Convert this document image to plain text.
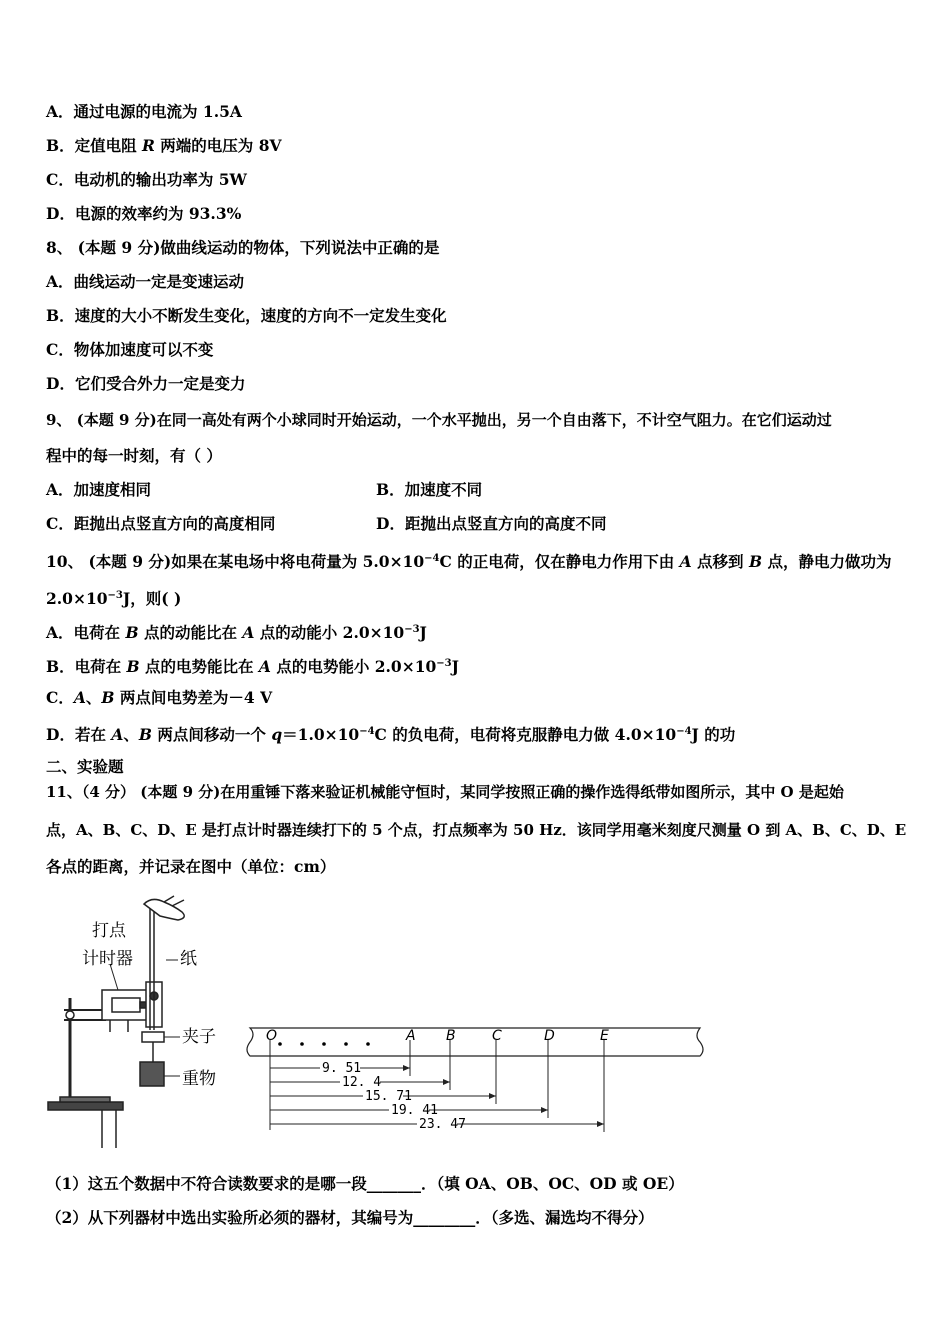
A．通过电源的电流为 1.5A
B．定值电阻 R 两端的电压为 8V
C．电动机的输出功率为 5W
D．电源的效率约为 93.3%
8、 (本题 9 分)做曲线运动的物体，下列说法中正确的是
A．曲线运动一定是变速运动
B．速度的大小不断发生变化，速度的方向不一定发生变化
C．物体加速度可以不变
D．它们受合外力一定是变力
9、 (本题 9 分)在同一高处有两个小球同时开始运动，一个水平抛出，另一个自由落下，不计空气阻力。在它们运动过
程中的每一时刻，有（ ）
A．加速度相同	B．加速度不同
C．距抛出点竖直方向的高度相同	D．距抛出点竖直方向的高度不同
10、 (本题 9 分)如果在某电场中将电荷量为 $5.0\times 10^{-4}C$ 的正电荷，仅在静电力作用下由 A 点移到 B 点，静电力做功为
$2.0\times 10^{-3}J$，则( )
A．电荷在 B 点的动能比在 A 点的动能小 $2.0\times 10^{-3}J$
B．电荷在 B 点的电势能比在 A 点的电势能小 $2.0\times 10^{-3}J$
C．A、B 两点间电势差为－4 V
D．若在 A、B 两点间移动一个 $q=1.0\times 10^{-4}C$ 的负电荷，电荷将克服静电力做 $4.0\times 10^{-4}J$ 的功
二、实验题
11、（4 分） (本题 9 分)在用重锤下落来验证机械能守恒时，某同学按照正确的操作选得纸带如图所示，其中 O 是起始
点，A、B、C、D、E 是打点计时器连续打下的 5 个点，打点频率为 50 Hz．该同学用毫米刻度尺测量 O 到 A、B、C、D、E
各点的距离，并记录在图中（单位：cm）
打点
计时器	纸
夹子
重物
O	A B	C	D	E
9. 51
12. 4
15. 71
19. 41
23. 47
（1）这五个数据中不符合读数要求的是哪一段_______．（填 OA、OB、OC、OD 或 OE）
（2）从下列器材中选出实验所必须的器材，其编号为________．（多选、漏选均不得分）
